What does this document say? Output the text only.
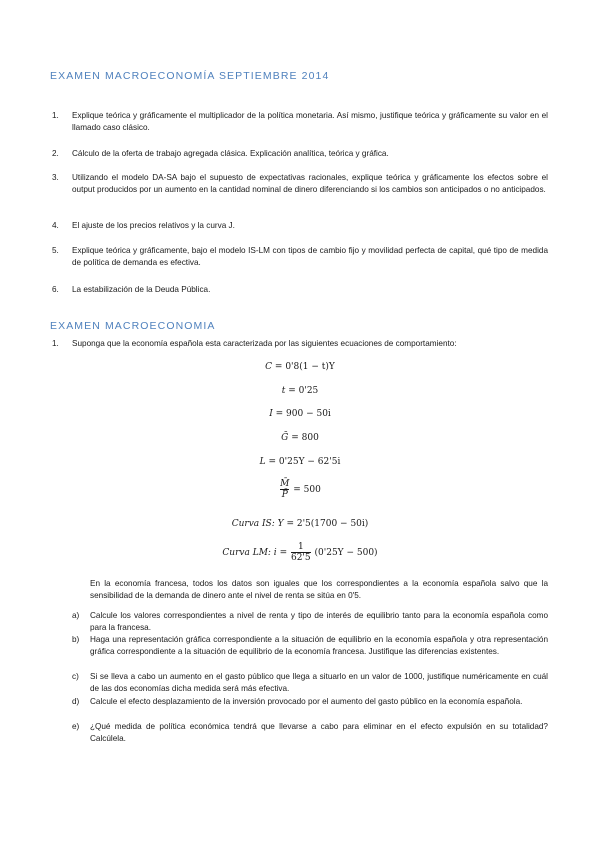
EXAMEN MACROECONOMÍA SEPTIEMBRE 2014
1. Explique teórica y gráficamente el multiplicador de la política monetaria. Así mismo, justifique teórica y gráficamente su valor en el llamado caso clásico.
2. Cálculo de la oferta de trabajo agregada clásica. Explicación analítica, teórica y gráfica.
3. Utilizando el modelo DA-SA bajo el supuesto de expectativas racionales, explique teórica y gráficamente los efectos sobre el output producidos por un aumento en la cantidad nominal de dinero diferenciando si los cambios son anticipados o no anticipados.
4. El ajuste de los precios relativos y la curva J.
5. Explique teórica y gráficamente, bajo el modelo IS-LM con tipos de cambio fijo y movilidad perfecta de capital, qué tipo de medida de política de demanda es efectiva.
6. La estabilización de la Deuda Pública.
EXAMEN MACROECONOMIA
1. Suponga que la economía española esta caracterizada por las siguientes ecuaciones de comportamiento:
C = 0'8(1 − t)Y
t = 0'25
I = 900 − 50i
Ḡ = 800
L = 0'25Y − 62'5i
$\frac{M̄}{P̄} = 500$
Curva IS: Y = 2'5(1700 − 50i)
Curva LM: $i = \frac{1}{62'5} (0'25Y - 500)$
En la economía francesa, todos los datos son iguales que los correspondientes a la economía española salvo que la sensibilidad de la demanda de dinero ante el nivel de renta se sitúa en 0'5.
a) Calcule los valores correspondientes a nivel de renta y tipo de interés de equilibrio tanto para la economía española como para la francesa.
b) Haga una representación gráfica correspondiente a la situación de equilibrio en la economía española y otra representación gráfica correspondiente a la situación de equilibrio de la economía francesa. Justifique las diferencias existentes.
c) Si se lleva a cabo un aumento en el gasto público que llega a situarlo en un valor de 1000, justifique numéricamente en cuál de las dos economías dicha medida será más efectiva.
d) Calcule el efecto desplazamiento de la inversión provocado por el aumento del gasto público en la economía española.
e) ¿Qué medida de política económica tendrá que llevarse a cabo para eliminar en el efecto expulsión en su totalidad? Calcúlela.
